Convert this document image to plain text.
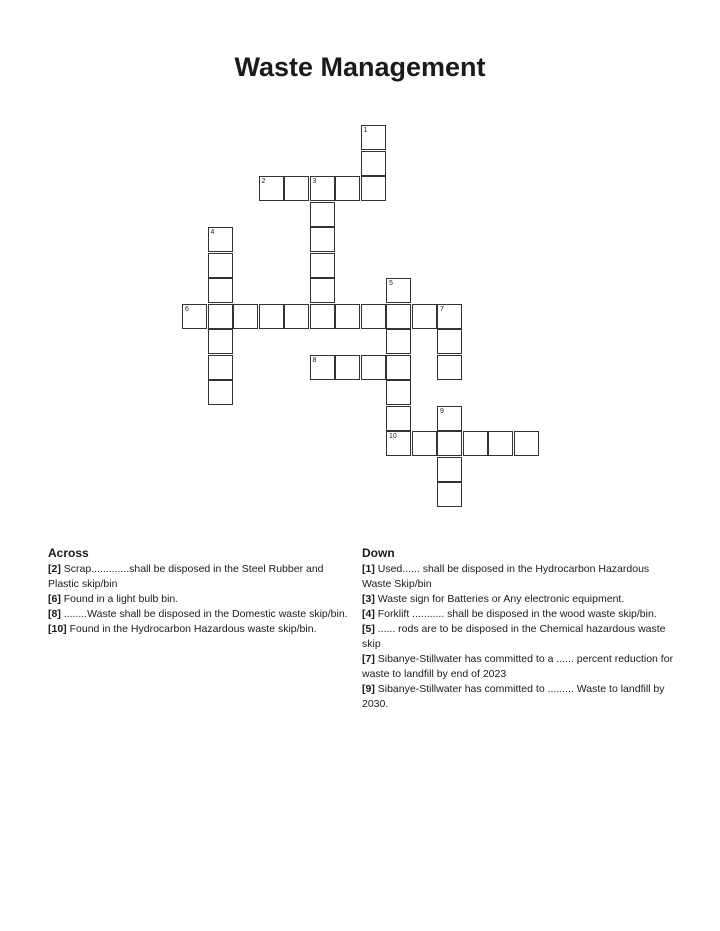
Waste Management
1
2	3
4
5
10
6	7
8
9
Across
[2] Scrap.............shall be disposed in the Steel Rubber and Plastic skip/bin
[6] Found in a light bulb bin.
[8] ........Waste shall be disposed in the Domestic waste skip/bin.
[10] Found in the Hydrocarbon Hazardous waste skip/bin.
Down
[1] Used...... shall be disposed in the Hydrocarbon Hazardous Waste Skip/bin
[3] Waste sign for Batteries or Any electronic equipment.
[4] Forklift ........... shall be disposed in the wood waste skip/bin.
[5] ...... rods are to be disposed in the Chemical hazardous waste skip
[7] Sibanye-Stillwater has committed to a ...... percent reduction for waste to landfill by end of 2023
[9] Sibanye-Stillwater has committed to ......... Waste to landfill by 2030.
